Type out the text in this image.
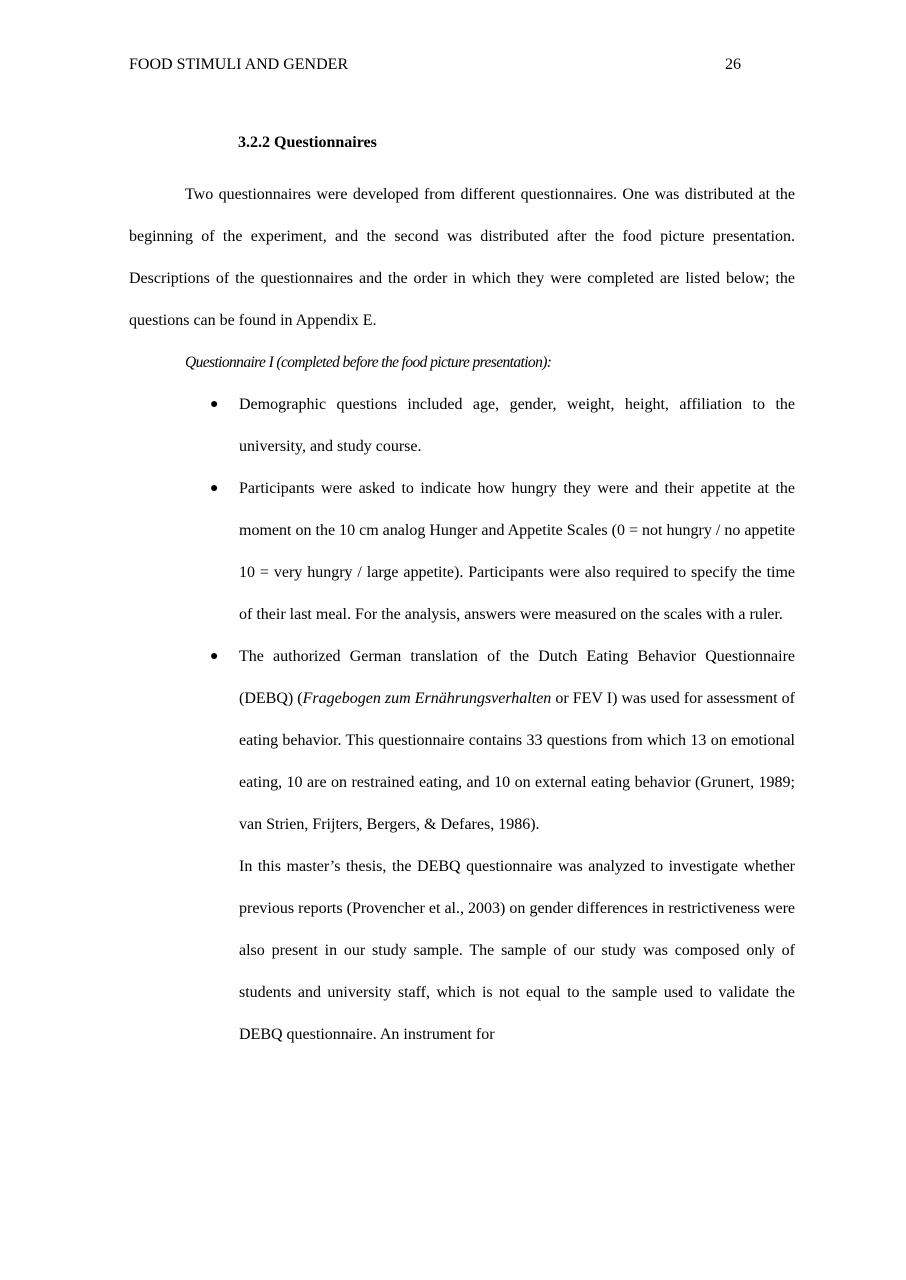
FOOD STIMULI AND GENDER	26
3.2.2 Questionnaires

Two questionnaires were developed from different questionnaires. One was distributed at the beginning of the experiment, and the second was distributed after the food picture presentation. Descriptions of the questionnaires and the order in which they were completed are listed below; the questions can be found in Appendix E.

Questionnaire I (completed before the food picture presentation):

● Demographic questions included age, gender, weight, height, affiliation to the university, and study course.
● Participants were asked to indicate how hungry they were and their appetite at the moment on the 10 cm analog Hunger and Appetite Scales (0 = not hungry / no appetite 10 = very hungry / large appetite). Participants were also required to specify the time of their last meal. For the analysis, answers were measured on the scales with a ruler.
● The authorized German translation of the Dutch Eating Behavior Questionnaire (DEBQ) (Fragebogen zum Ernährungsverhalten or FEV I) was used for assessment of eating behavior. This questionnaire contains 33 questions from which 13 on emotional eating, 10 are on restrained eating, and 10 on external eating behavior (Grunert, 1989; van Strien, Frijters, Bergers, & Defares, 1986).

In this master’s thesis, the DEBQ questionnaire was analyzed to investigate whether previous reports (Provencher et al., 2003) on gender differences in restrictiveness were also present in our study sample. The sample of our study was composed only of students and university staff, which is not equal to the sample used to validate the DEBQ questionnaire. An instrument for
